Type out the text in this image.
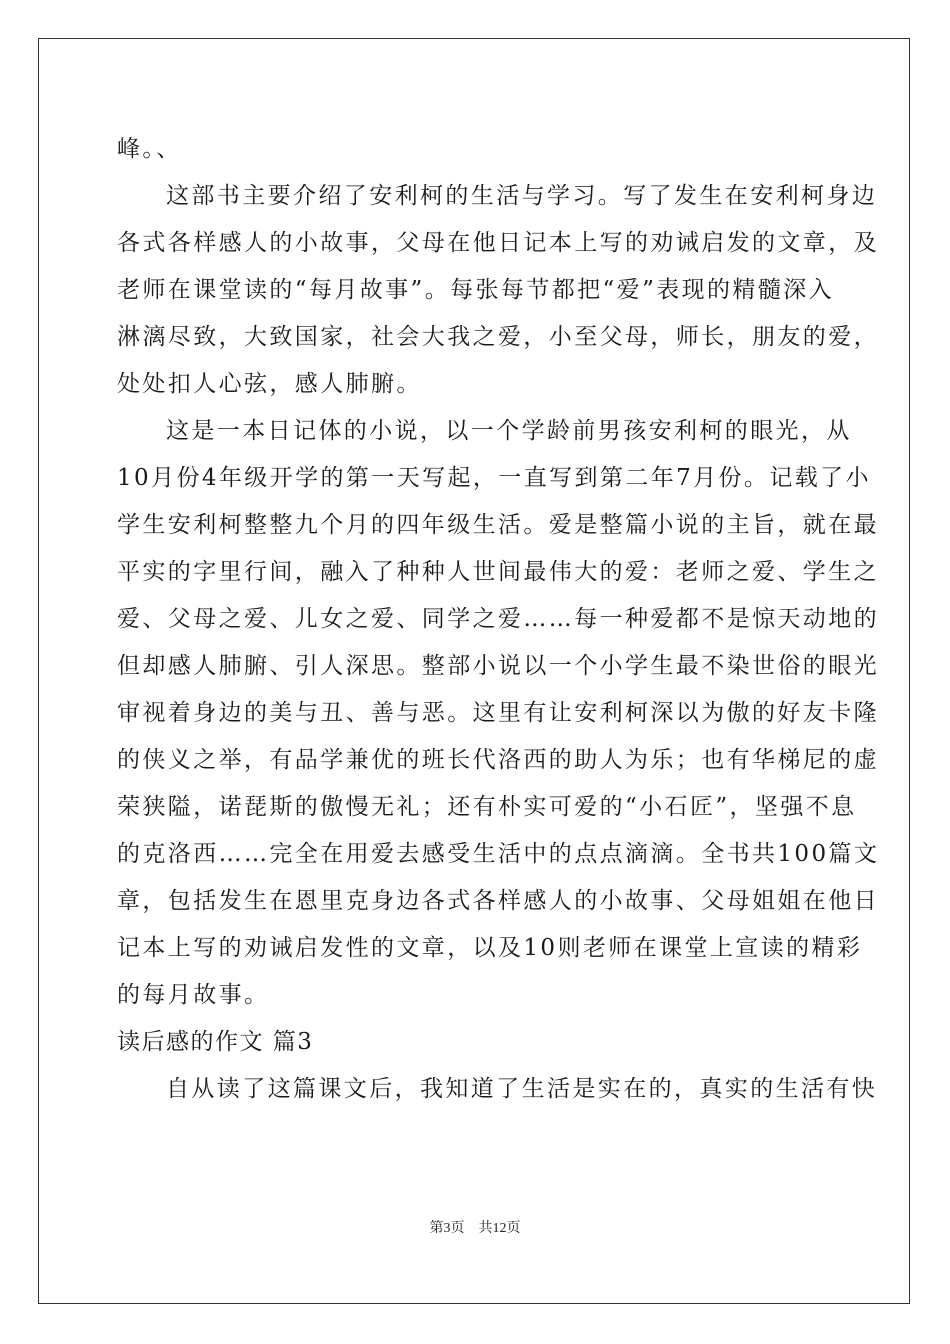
峰。、
这部书主要介绍了安利柯的生活与学习。写了发生在安利柯身边
各式各样感人的小故事，父母在他日记本上写的劝诫启发的文章，及
老师在课堂读的“每月故事”。每张每节都把“爱”表现的精髓深入
淋漓尽致，大致国家，社会大我之爱，小至父母，师长，朋友的爱，
处处扣人心弦，感人肺腑。
这是一本日记体的小说，以一个学龄前男孩安利柯的眼光，从
10月份4年级开学的第一天写起，一直写到第二年7月份。记载了小
学生安利柯整整九个月的四年级生活。爱是整篇小说的主旨，就在最
平实的字里行间，融入了种种人世间最伟大的爱：老师之爱、学生之
爱、父母之爱、儿女之爱、同学之爱……每一种爱都不是惊天动地的
但却感人肺腑、引人深思。整部小说以一个小学生最不染世俗的眼光
审视着身边的美与丑、善与恶。这里有让安利柯深以为傲的好友卡隆
的侠义之举，有品学兼优的班长代洛西的助人为乐；也有华梯尼的虚
荣狭隘，诺琵斯的傲慢无礼；还有朴实可爱的“小石匠”，坚强不息
的克洛西……完全在用爱去感受生活中的点点滴滴。全书共100篇文
章，包括发生在恩里克身边各式各样感人的小故事、父母姐姐在他日
记本上写的劝诫启发性的文章，以及10则老师在课堂上宣读的精彩
的每月故事。
读后感的作文 篇3
自从读了这篇课文后，我知道了生活是实在的，真实的生活有快
第3页　共12页
